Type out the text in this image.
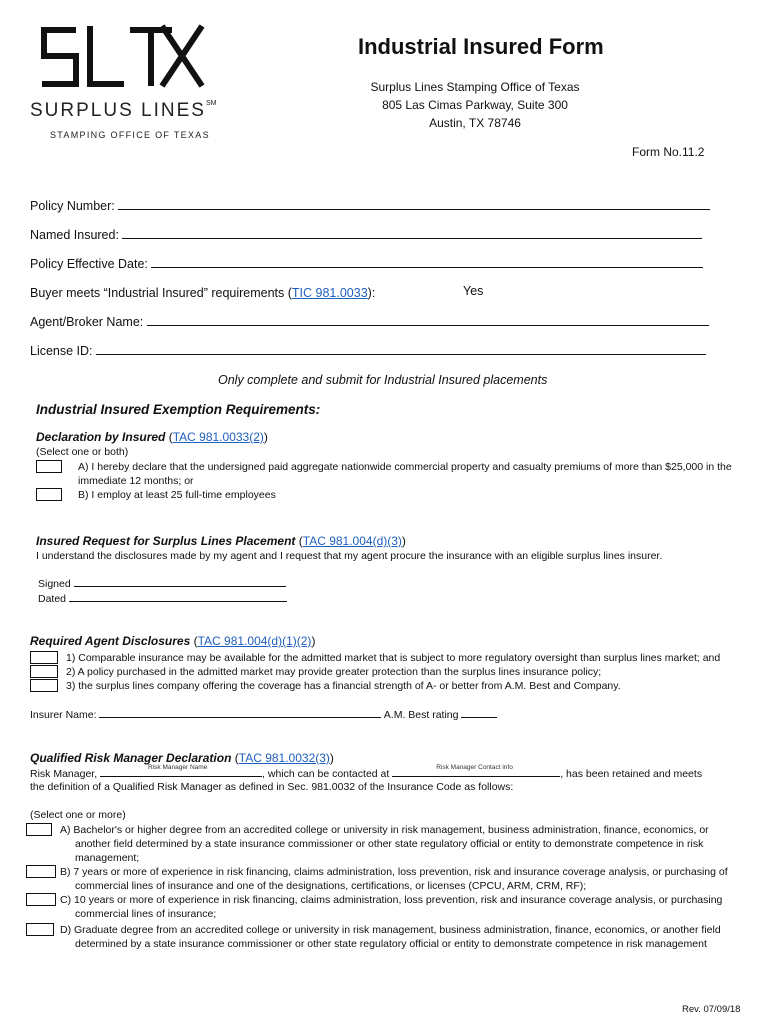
SURPLUS LINES℠
STAMPING OFFICE OF TEXAS
Industrial Insured Form
Surplus Lines Stamping Office of Texas
805 Las Cimas Parkway, Suite 300
Austin, TX 78746
Form No.11.2
Policy Number:
Named Insured:
Policy Effective Date:
Buyer meets “Industrial Insured” requirements (TIC 981.0033):	Yes
Agent/Broker Name:
License ID:
Only complete and submit for Industrial Insured placements
Industrial Insured Exemption Requirements:
Declaration by Insured (TAC 981.0033(2))
(Select one or both)
A) I hereby declare that the undersigned paid aggregate nationwide commercial property and casualty premiums of more than $25,000 in the
immediate 12 months; or
B) I employ at least 25 full-time employees
Insured Request for Surplus Lines Placement (TAC 981.004(d)(3))
I understand the disclosures made by my agent and I request that my agent procure the insurance with an eligible surplus lines insurer.
Signed
Dated
Required Agent Disclosures (TAC 981.004(d)(1)(2))
1) Comparable insurance may be available for the admitted market that is subject to more regulatory oversight than surplus lines market; and
2) A policy purchased in the admitted market may provide greater protection than the surplus lines insurance policy;
3) the surplus lines company offering the coverage has a financial strength of A- or better from A.M. Best and Company.
Insurer Name:	A.M. Best rating
Qualified Risk Manager Declaration (TAC 981.0032(3))
Risk Manager,
Risk Manager Name
, which can be contacted at
Risk Manager Contact info
, has been retained and meets
the definition of a Qualified Risk Manager as defined in Sec. 981.0032 of the Insurance Code as follows:
(Select one or more)
A) Bachelor's or higher degree from an accredited college or university in risk management, business administration, finance, economics, or
another field determined by a state insurance commissioner or other state regulatory official or entity to demonstrate competence in risk
management;
B) 7 years or more of experience in risk financing, claims administration, loss prevention, risk and insurance coverage analysis, or purchasing of
commercial lines of insurance and one of the designations, certifications, or licenses (CPCU, ARM, CRM, RF);
C) 10 years or more of experience in risk financing, claims administration, loss prevention, risk and insurance coverage analysis, or purchasing
commercial lines of insurance;
D) Graduate degree from an accredited college or university in risk management, business administration, finance, economics, or another field
determined by a state insurance commissioner or other state regulatory official or entity to demonstrate competence in risk management
Rev. 07/09/18
